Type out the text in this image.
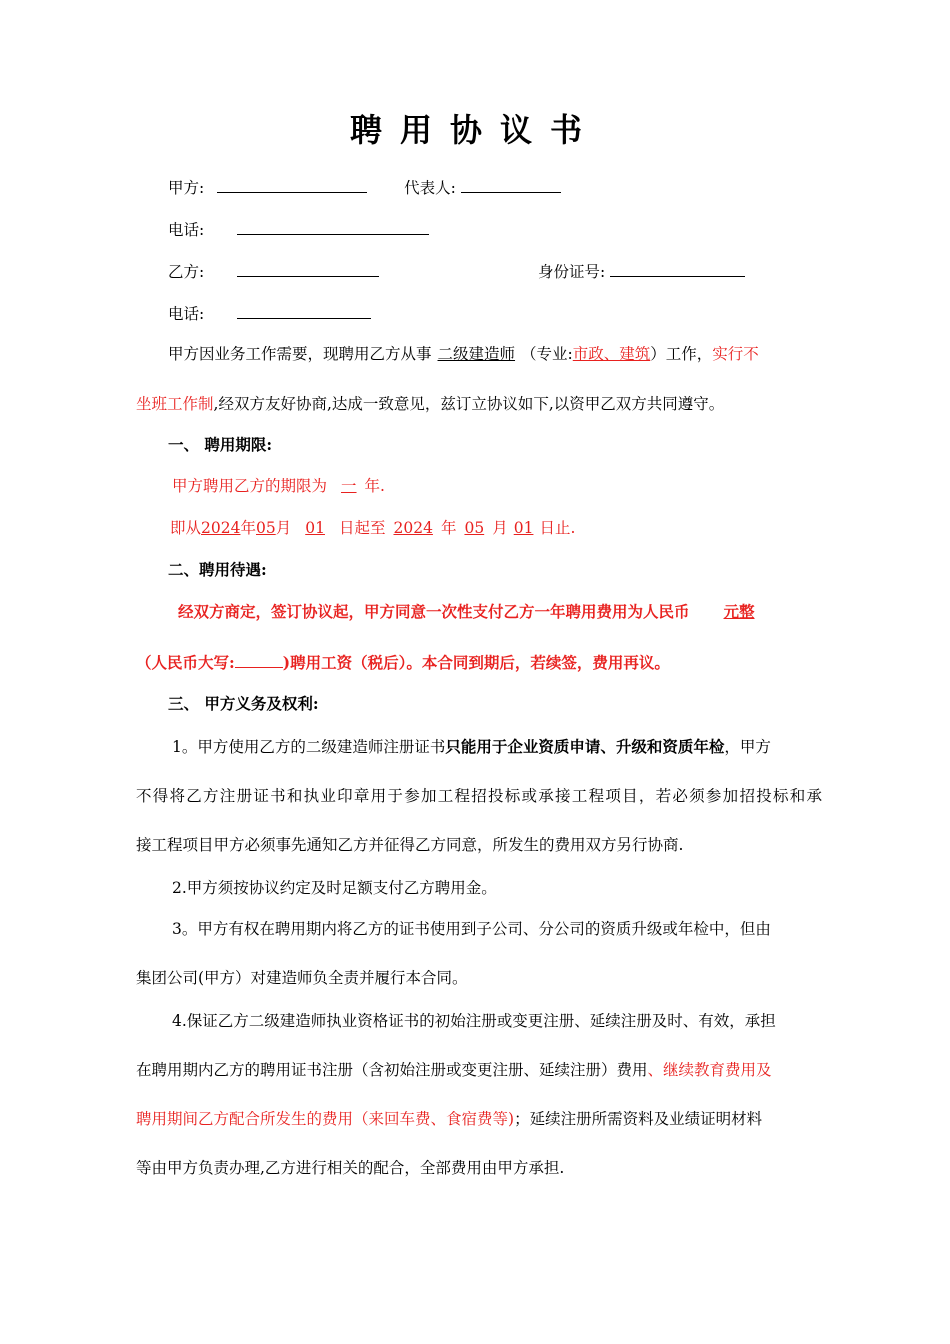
聘用协议书
甲方:	代表人:
电话:
乙方:	身份证号:
电话:
甲方因业务工作需要，现聘用乙方从事 二级建造师 （专业:市政、建筑）工作，实行不
坐班工作制,经双方友好协商,达成一致意见，兹订立协议如下,以资甲乙双方共同遵守。
一、 聘用期限:
甲方聘用乙方的期限为 一 年.
即从2024年05月 01 日起至 2024 年 05 月 01 日止.
二、聘用待遇:
经双方商定，签订协议起，甲方同意一次性支付乙方一年聘用费用为人民币 元整
（人民币大写:	)聘用工资（税后）。本合同到期后，若续签，费用再议。
三、 甲方义务及权利:
1。甲方使用乙方的二级建造师注册证书只能用于企业资质申请、升级和资质年检，甲方
不得将乙方注册证书和执业印章用于参加工程招投标或承接工程项目，若必须参加招投标和承
接工程项目甲方必须事先通知乙方并征得乙方同意，所发生的费用双方另行协商.
2.甲方须按协议约定及时足额支付乙方聘用金。
3。甲方有权在聘用期内将乙方的证书使用到子公司、分公司的资质升级或年检中，但由
集团公司(甲方）对建造师负全责并履行本合同。
4.保证乙方二级建造师执业资格证书的初始注册或变更注册、延续注册及时、有效，承担
在聘用期内乙方的聘用证书注册（含初始注册或变更注册、延续注册）费用、继续教育费用及
聘用期间乙方配合所发生的费用（来回车费、食宿费等)；延续注册所需资料及业绩证明材料
等由甲方负责办理,乙方进行相关的配合，全部费用由甲方承担.
